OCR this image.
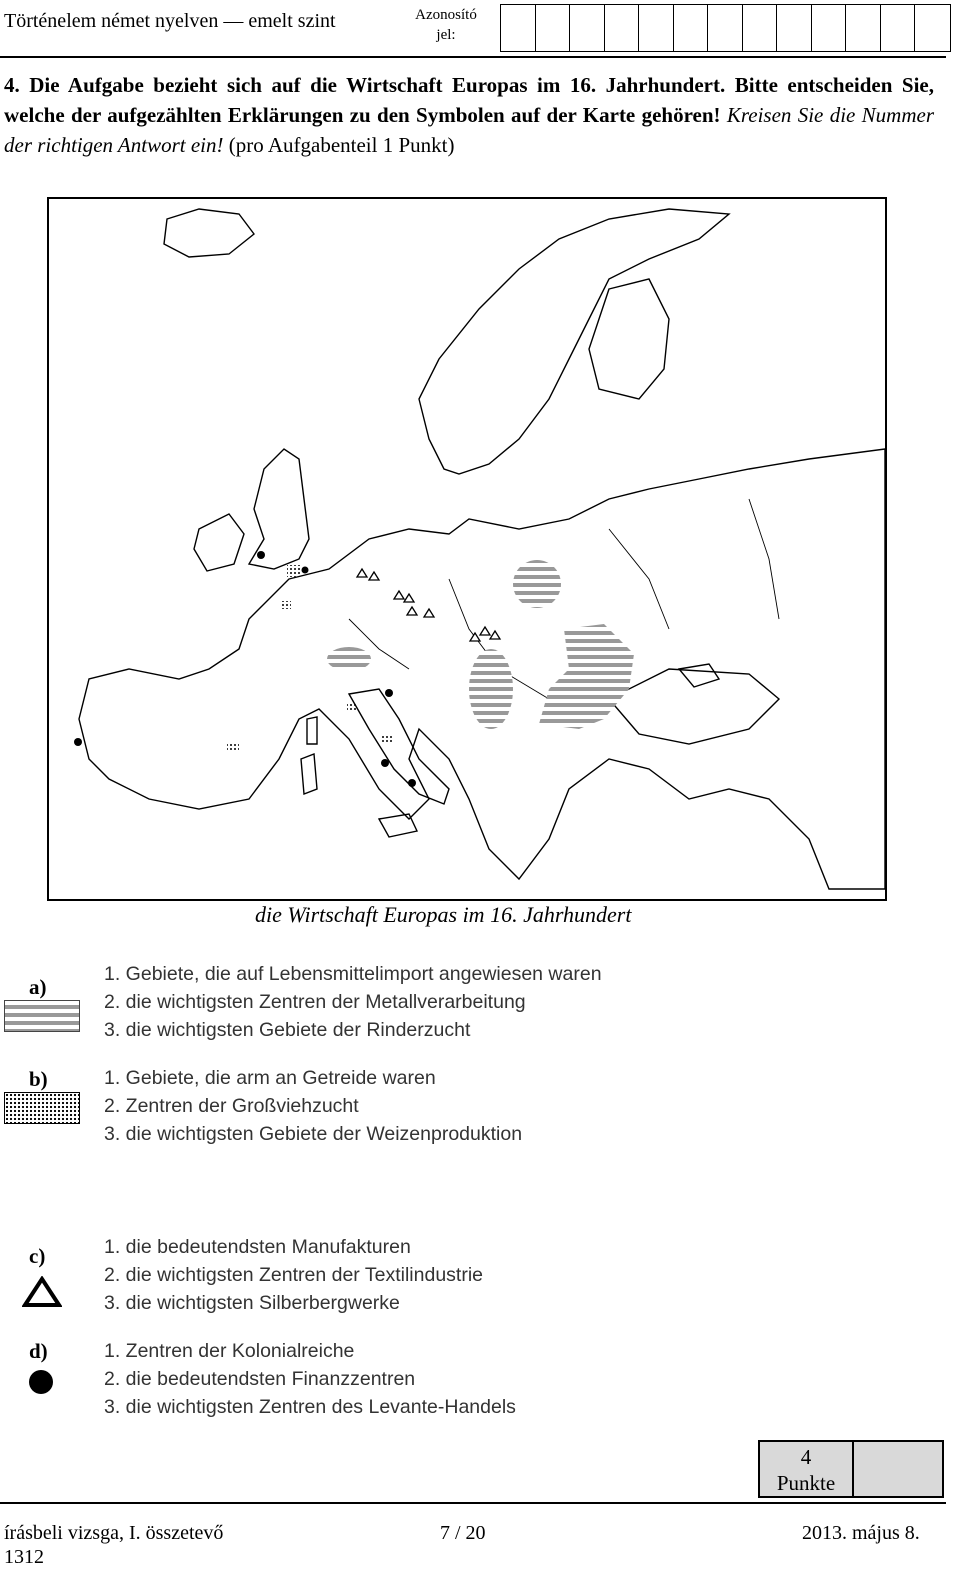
Történelem német nyelven — emelt szint	Azonosító
jel:
4. Die Aufgabe bezieht sich auf die Wirtschaft Europas im 16. Jahrhundert. Bitte entscheiden Sie, welche der aufgezählten Erklärungen zu den Symbolen auf der Karte gehören! Kreisen Sie die Nummer der richtigen Antwort ein! (pro Aufgabenteil 1 Punkt)
die Wirtschaft Europas im 16. Jahrhundert
a)
1. Gebiete, die auf Lebensmittelimport angewiesen waren
2. die wichtigsten Zentren der Metallverarbeitung
3. die wichtigsten Gebiete der Rinderzucht
b)	1. Gebiete, die arm an Getreide waren
2. Zentren der Großviehzucht
3. die wichtigsten Gebiete der Weizenproduktion
c)	1. die bedeutendsten Manufakturen
2. die wichtigsten Zentren der Textilindustrie
3. die wichtigsten Silberbergwerke
d)	1. Zentren der Kolonialreiche
2. die bedeutendsten Finanzzentren
3. die wichtigsten Zentren des Levante-Handels
4
Punkte
írásbeli vizsga, I. összetevő
1312
7 / 20	2013. május 8.
